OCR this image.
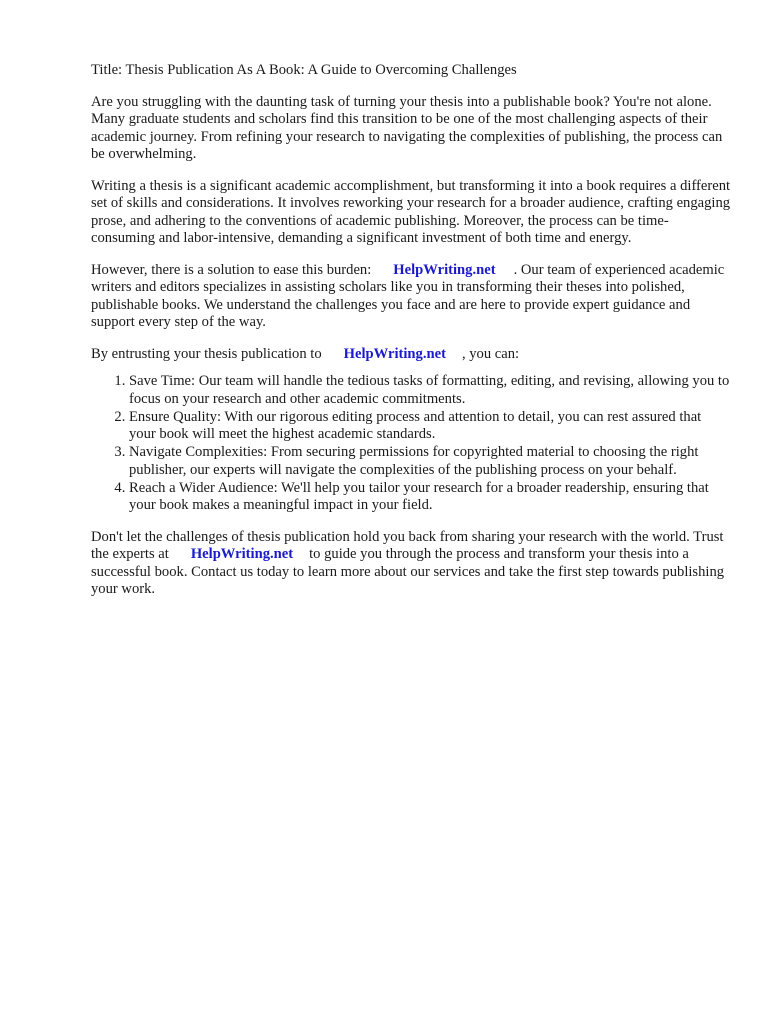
Title: Thesis Publication As A Book: A Guide to Overcoming Challenges

Are you struggling with the daunting task of turning your thesis into a publishable book? You're not alone. Many graduate students and scholars find this transition to be one of the most challenging aspects of their academic journey. From refining your research to navigating the complexities of publishing, the process can be overwhelming.

Writing a thesis is a significant academic accomplishment, but transforming it into a book requires a different set of skills and considerations. It involves reworking your research for a broader audience, crafting engaging prose, and adhering to the conventions of academic publishing. Moreover, the process can be time-consuming and labor-intensive, demanding a significant investment of both time and energy.

However, there is a solution to ease this burden: HelpWriting.net . Our team of experienced academic writers and editors specializes in assisting scholars like you in transforming their theses into polished, publishable books. We understand the challenges you face and are here to provide expert guidance and support every step of the way.

By entrusting your thesis publication to HelpWriting.net , you can:

1. Save Time: Our team will handle the tedious tasks of formatting, editing, and revising, allowing you to focus on your research and other academic commitments.
2. Ensure Quality: With our rigorous editing process and attention to detail, you can rest assured that your book will meet the highest academic standards.
3. Navigate Complexities: From securing permissions for copyrighted material to choosing the right publisher, our experts will navigate the complexities of the publishing process on your behalf.
4. Reach a Wider Audience: We'll help you tailor your research for a broader readership, ensuring that your book makes a meaningful impact in your field.

Don't let the challenges of thesis publication hold you back from sharing your research with the world. Trust the experts at HelpWriting.net to guide you through the process and transform your thesis into a successful book. Contact us today to learn more about our services and take the first step towards publishing your work.
